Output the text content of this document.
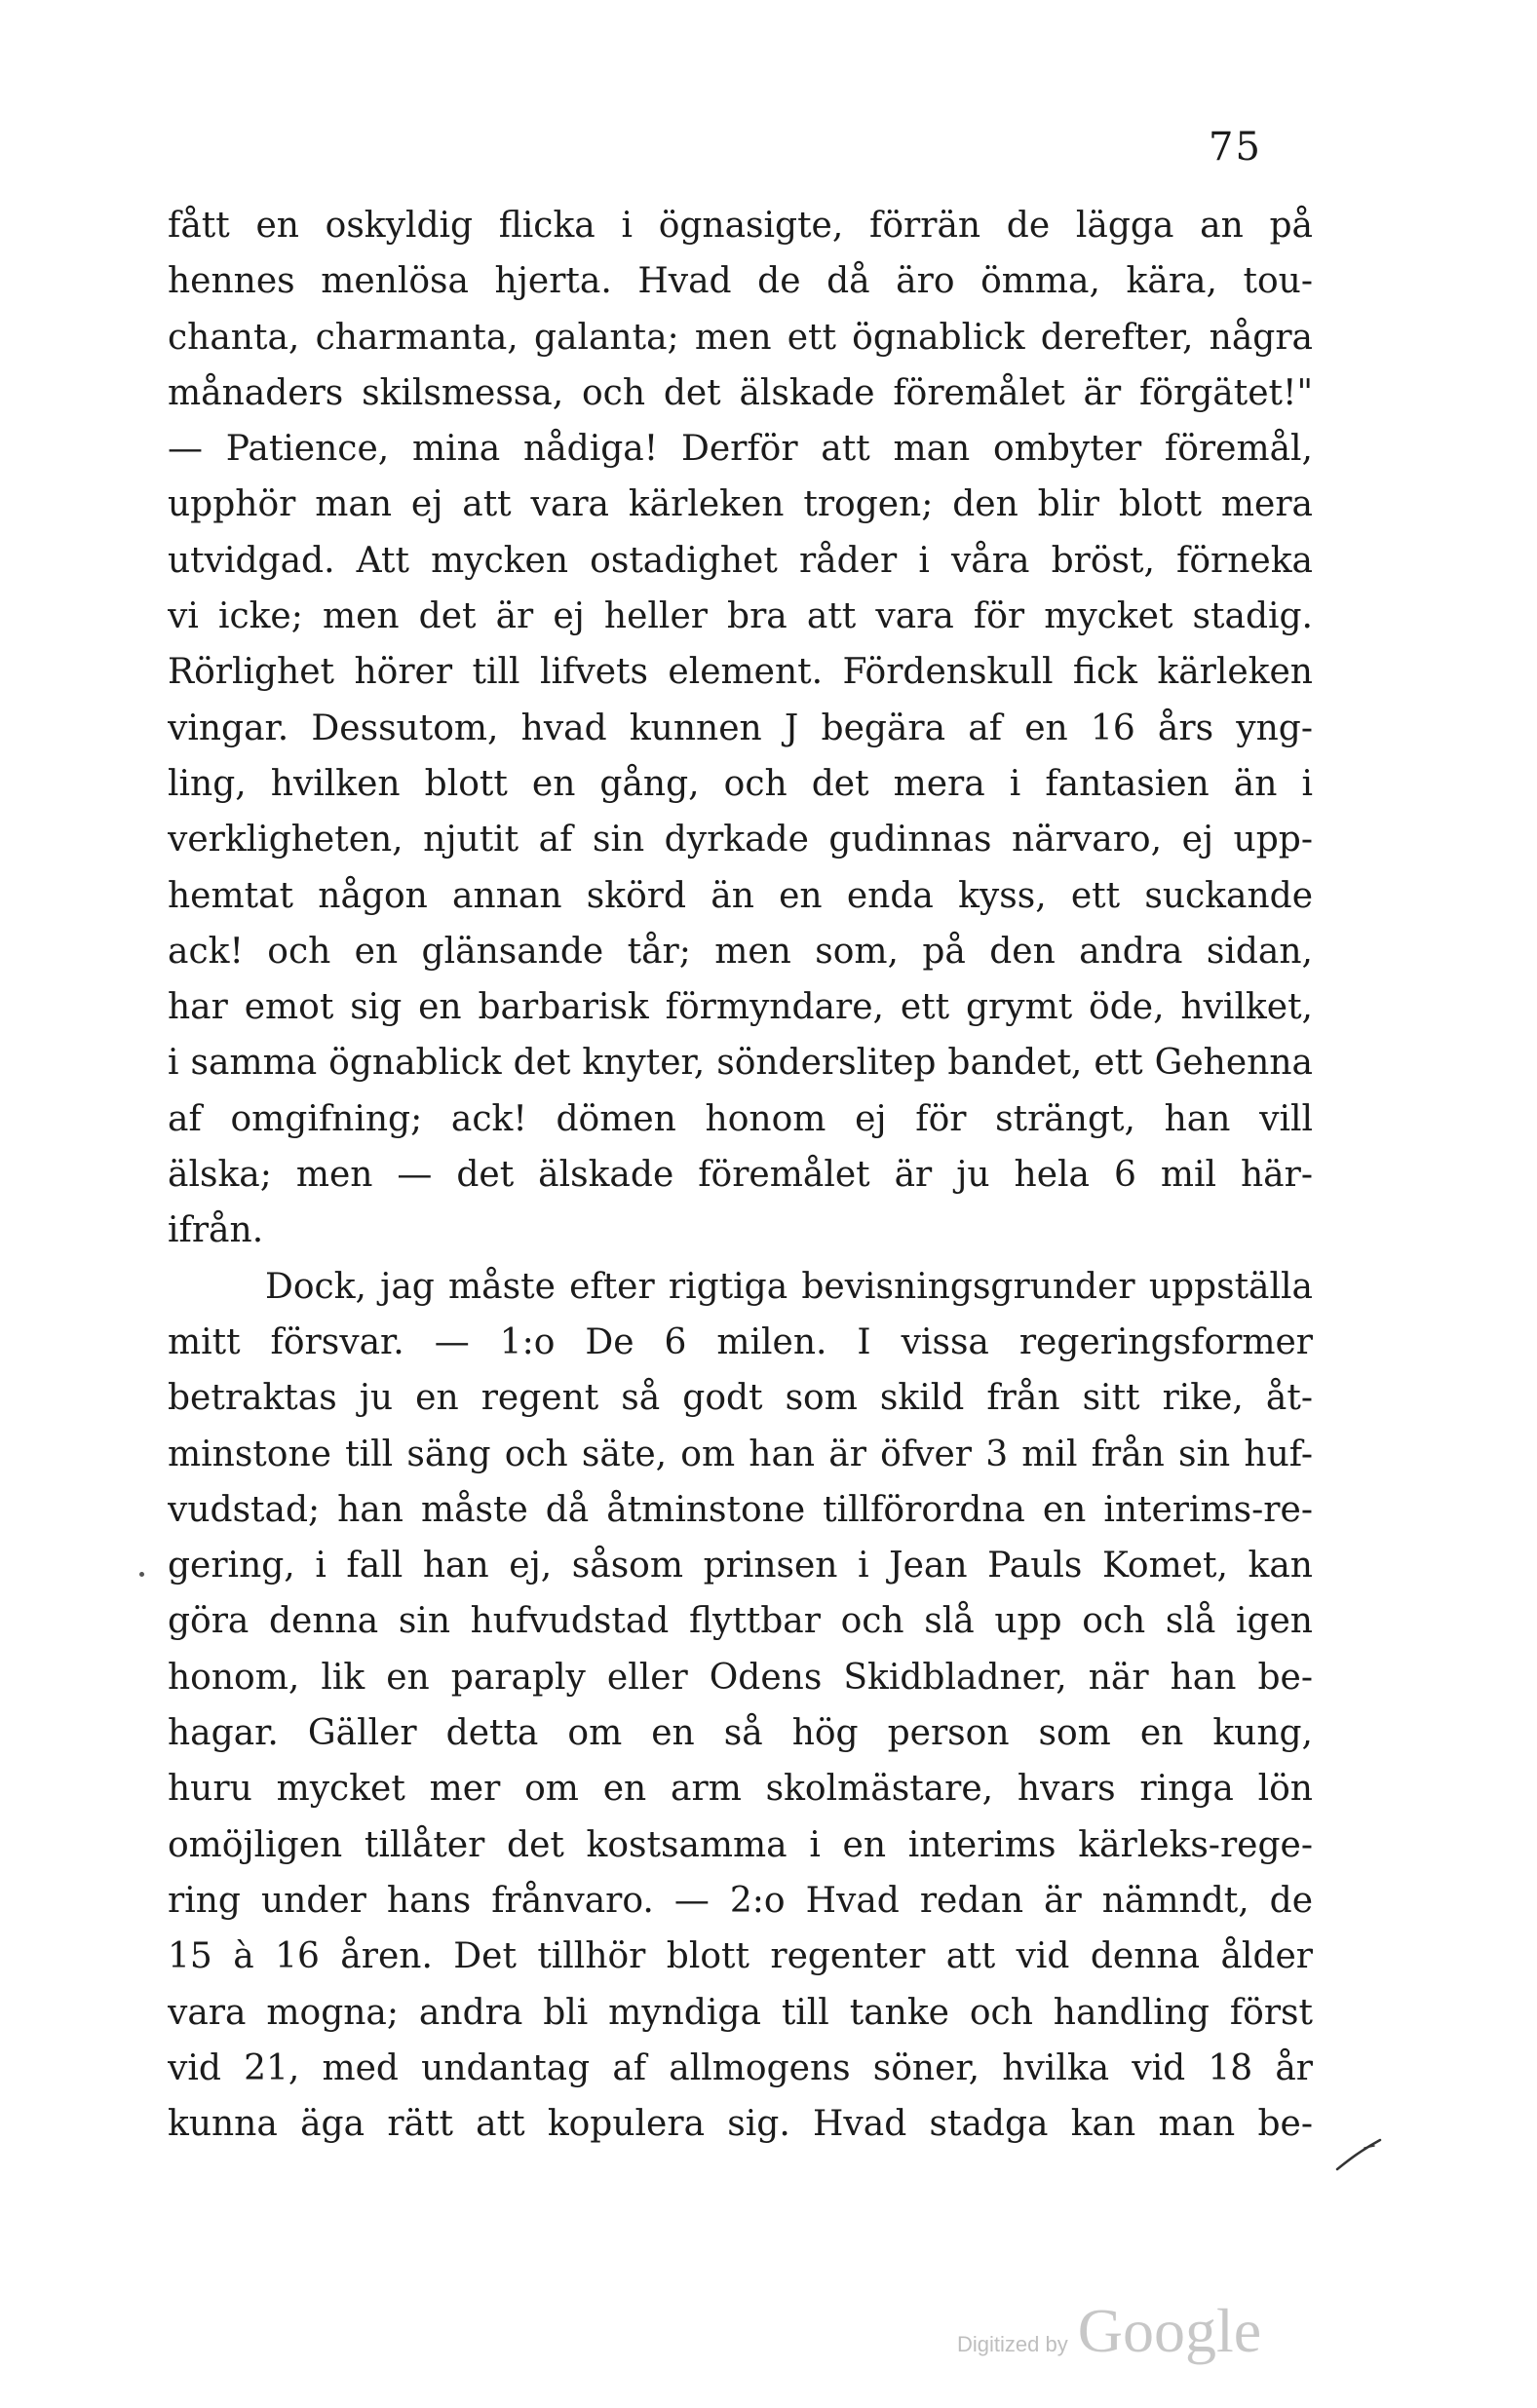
75
fått en oskyldig flicka i ögnasigte, förrän de lägga an på
hennes menlösa hjerta. Hvad de då äro ömma, kära, tou-
chanta, charmanta, galanta; men ett ögnablick derefter, några
månaders skilsmessa, och det älskade föremålet är förgätet!"
— Patience, mina nådiga! Derför att man ombyter föremål,
upphör man ej att vara kärleken trogen; den blir blott mera
utvidgad. Att mycken ostadighet råder i våra bröst, förneka
vi icke; men det är ej heller bra att vara för mycket stadig.
Rörlighet hörer till lifvets element. Fördenskull fick kärleken
vingar. Dessutom, hvad kunnen J begära af en 16 års yng-
ling, hvilken blott en gång, och det mera i fantasien än i
verkligheten, njutit af sin dyrkade gudinnas närvaro, ej upp-
hemtat någon annan skörd än en enda kyss, ett suckande
ack! och en glänsande tår; men som, på den andra sidan,
har emot sig en barbarisk förmyndare, ett grymt öde, hvilket,
i samma ögnablick det knyter, sönderslitер bandet, ett Gehenna
af omgifning; ack! dömen honom ej för strängt, han vill
älska; men — det älskade föremålet är ju hela 6 mil här-
ifrån.
Dock, jag måste efter rigtiga bevisningsgrunder uppställa
mitt försvar. — 1:o De 6 milen. I vissa regeringsformer
betraktas ju en regent så godt som skild från sitt rike, åt-
minstone till säng och säte, om han är öfver 3 mil från sin huf-
vudstad; han måste då åtminstone tillförordna en interims-re-
gering, i fall han ej, såsom prinsen i Jean Pauls Komet, kan
göra denna sin hufvudstad flyttbar och slå upp och slå igen
honom, lik en paraply eller Odens Skidbladner, när han be-
hagar. Gäller detta om en så hög person som en kung,
huru mycket mer om en arm skolmästare, hvars ringa lön
omöjligen tillåter det kostsamma i en interims kärleks-rege-
ring under hans frånvaro. — 2:o Hvad redan är nämndt, de
15 à 16 åren. Det tillhör blott regenter att vid denna ålder
vara mogna; andra bli myndiga till tanke och handling först
vid 21, med undantag af allmogens söner, hvilka vid 18 år
kunna äga rätt att kopulera sig. Hvad stadga kan man be-
Digitized by Google
